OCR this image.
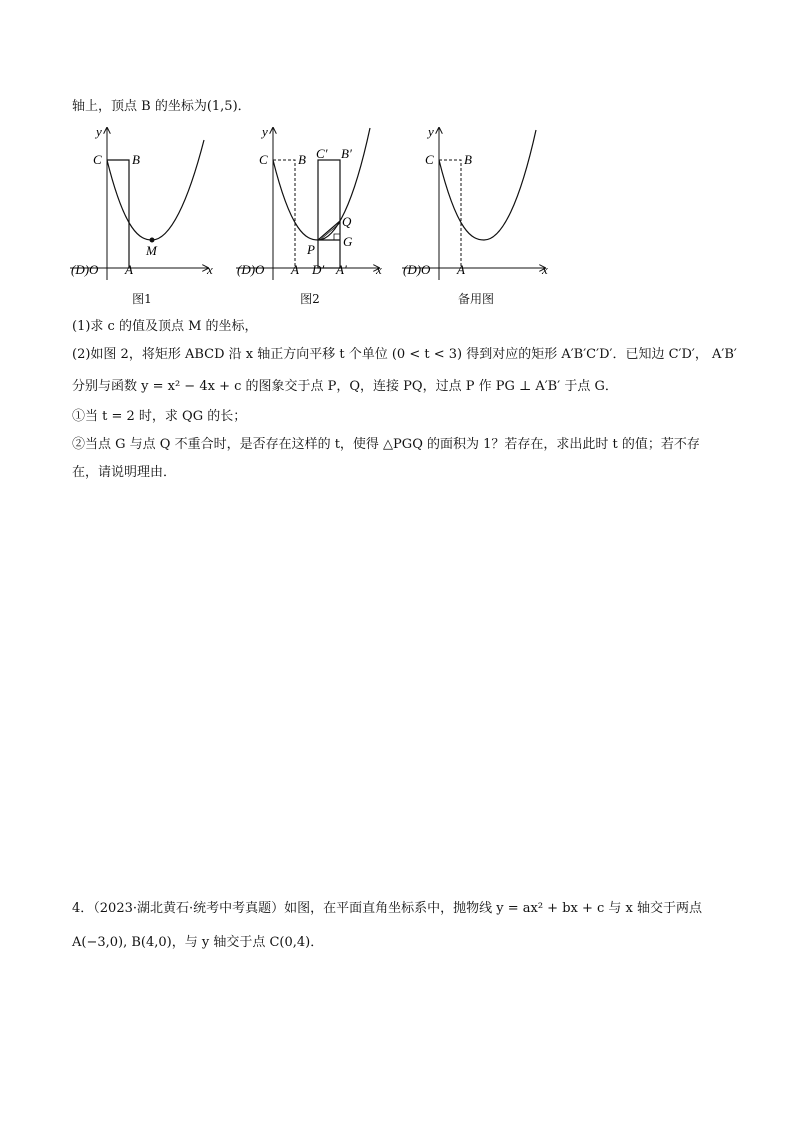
轴上，顶点 B 的坐标为(1,5)．
y
x
C B
M
A
(D)O
图1
y
x
C B C′ B′
Q
G
P
A D′ A′
(D)O
图2
y
x
C B
A
(D)O
备用图
(1)求 c 的值及顶点 M 的坐标，
(2)如图 2，将矩形 ABCD 沿 x 轴正方向平移 t 个单位 (0 < t < 3) 得到对应的矩形 A′B′C′D′．已知边 C′D′， A′B′
分别与函数 y = x² − 4x + c 的图象交于点 P，Q，连接 PQ，过点 P 作 PG ⊥ A′B′ 于点 G．
①当 t = 2 时，求 QG 的长；
②当点 G 与点 Q 不重合时，是否存在这样的 t，使得 △PGQ 的面积为 1？若存在，求出此时 t 的值；若不存
在，请说明理由．
4．（2023·湖北黄石·统考中考真题）如图，在平面直角坐标系中，抛物线 y = ax² + bx + c 与 x 轴交于两点
A(−3,0), B(4,0)，与 y 轴交于点 C(0,4)．
